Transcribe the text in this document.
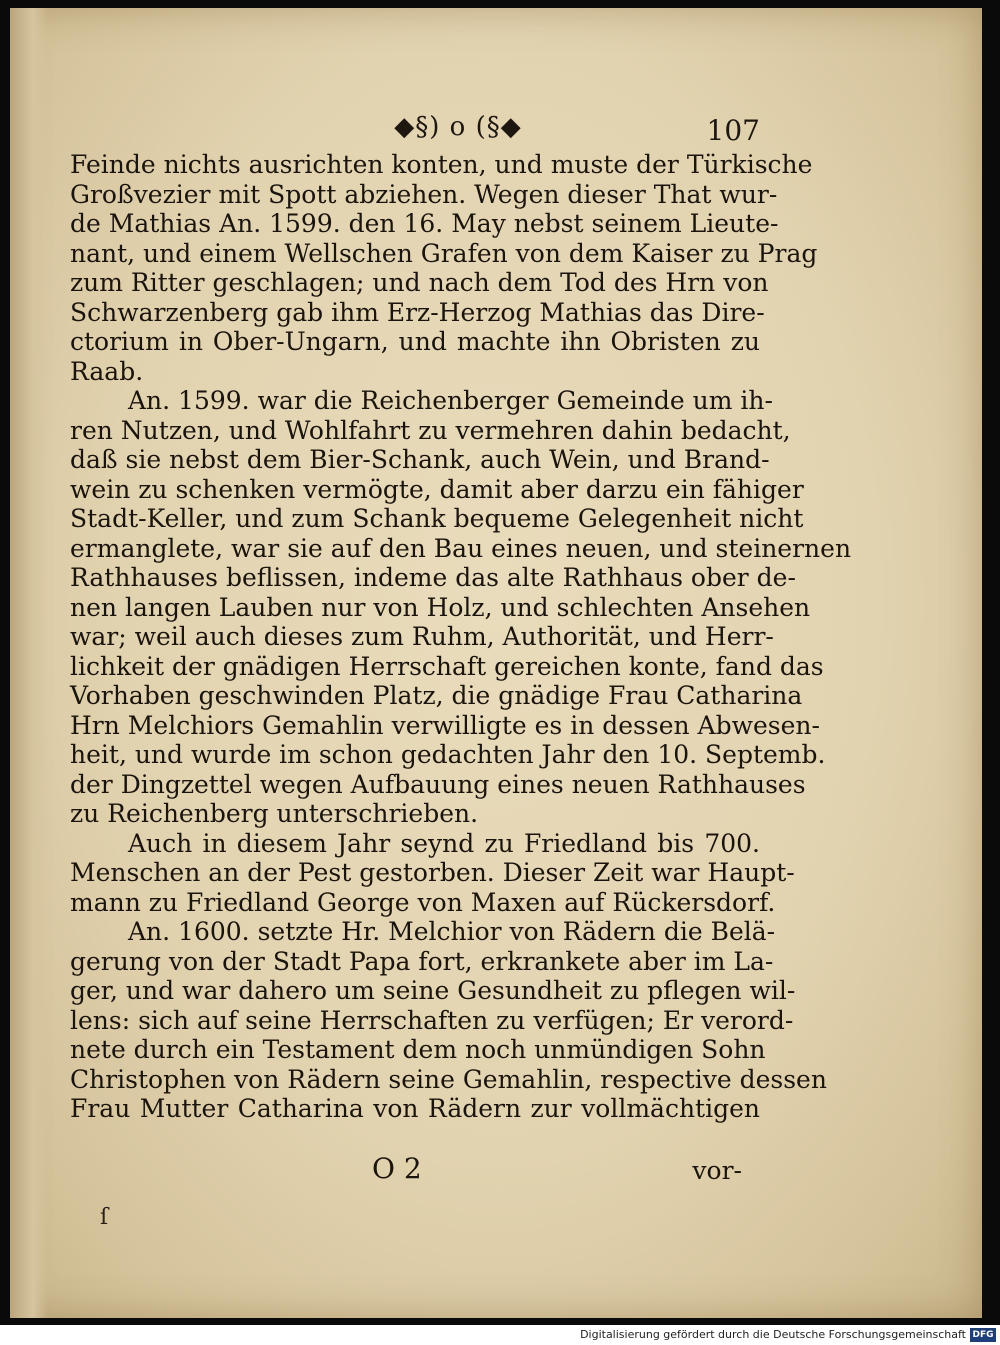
◆§) o (§◆	107
Feinde nichts ausrichten konten, und muste der Türkische
Großvezier mit Spott abziehen. Wegen dieser That wur-
de Mathias An. 1599. den 16. May nebst seinem Lieute-
nant, und einem Wellschen Grafen von dem Kaiser zu Prag
zum Ritter geschlagen; und nach dem Tod des Hrn von
Schwarzenberg gab ihm Erz-Herzog Mathias das Dire-
ctorium in Ober-Ungarn, und machte ihn Obristen zu
Raab.
An. 1599. war die Reichenberger Gemeinde um ih-
ren Nutzen, und Wohlfahrt zu vermehren dahin bedacht,
daß sie nebst dem Bier-Schank, auch Wein, und Brand-
wein zu schenken vermögte, damit aber darzu ein fähiger
Stadt-Keller, und zum Schank bequeme Gelegenheit nicht
ermanglete, war sie auf den Bau eines neuen, und steinernen
Rathhauses beflissen, indeme das alte Rathhaus ober de-
nen langen Lauben nur von Holz, und schlechten Ansehen
war; weil auch dieses zum Ruhm, Authorität, und Herr-
lichkeit der gnädigen Herrschaft gereichen konte, fand das
Vorhaben geschwinden Platz, die gnädige Frau Catharina
Hrn Melchiors Gemahlin verwilligte es in dessen Abwesen-
heit, und wurde im schon gedachten Jahr den 10. Septemb.
der Dingzettel wegen Aufbauung eines neuen Rathhauses
zu Reichenberg unterschrieben.
Auch in diesem Jahr seynd zu Friedland bis 700.
Menschen an der Pest gestorben. Dieser Zeit war Haupt-
mann zu Friedland George von Maxen auf Rückersdorf.
An. 1600. setzte Hr. Melchior von Rädern die Belä-
gerung von der Stadt Papa fort, erkrankete aber im La-
ger, und war dahero um seine Gesundheit zu pflegen wil-
lens: sich auf seine Herrschaften zu verfügen; Er verord-
nete durch ein Testament dem noch unmündigen Sohn
Christophen von Rädern seine Gemahlin, respective dessen
Frau Mutter Catharina von Rädern zur vollmächtigen
O 2	vor-
ſ
Digitalisierung gefördert durch die Deutsche Forschungsgemeinschaft DFG
